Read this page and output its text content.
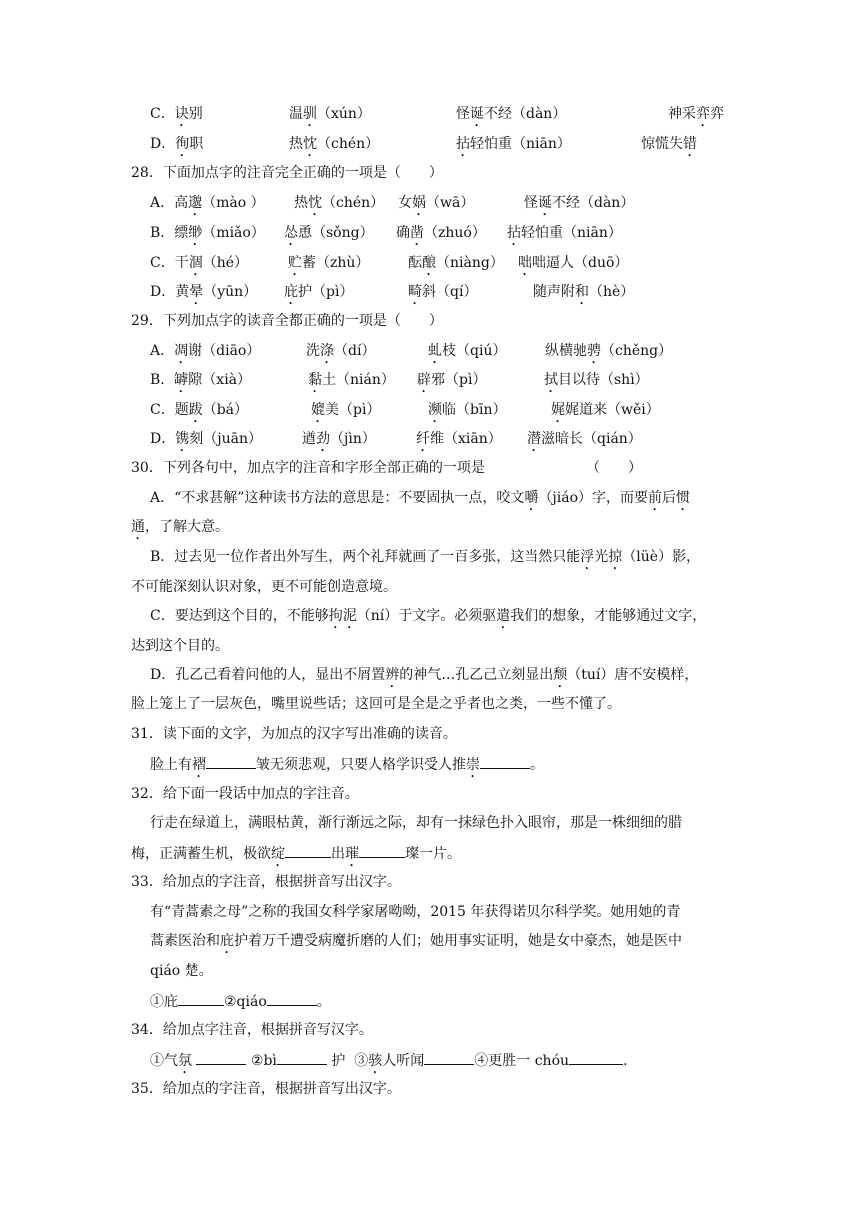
C．诀别	温驯（xún）	怪诞不经（dàn）	神采弈弈
D．徇职	热忱（chén）	拈轻怕重（niān）	惊慌失错
28．下面加点字的注音完全正确的一项是（　　）
A．高邈（mào ） 热忱（chén） 女娲（wā）	怪诞不经（dàn）
B．缥缈（miǎo） 怂恿（sǒng） 确凿（zhuó） 拈轻怕重（niān）
C．干涸（hé）	贮蓄（zhù）	酝酿（niàng） 咄咄逼人（duō）
D．黄晕（yūn） 庇护（pì）	畸斜（qí）	随声附和（hè）
29．下列加点字的读音全都正确的一项是（　　）
A．凋谢（diāo）	洗涤（dí）	虬枝（qiú）	纵横驰骋（chěng）
B．罅隙（xià）	黏土（nián） 辟邪（pì）	拭目以待（shì）
C．题跋（bá）	媲美（pì）	濒临（bīn）	娓娓道来（wěi）
D．镌刻（juān）	遒劲（jìn）	纤维（xiān） 潜滋暗长（qián）
30．下列各句中，加点字的注音和字形全部正确的一项是	（　　）
A．“不求甚解”这种读书方法的意思是：不要固执一点，咬文嚼（jiáo）字，而要前后惯
通，了解大意。
B．过去见一位作者出外写生，两个礼拜就画了一百多张，这当然只能浮光掠（lüè）影，
不可能深刻认识对象，更不可能创造意境。
C．要达到这个目的，不能够拘泥（ní）于文字。必须驱遣我们的想象，才能够通过文字，
达到这个目的。
D．孔乙己看着问他的人，显出不屑置辨的神气…孔乙己立刻显出颓（tuí）唐不安模样，
脸上笼上了一层灰色，嘴里说些话；这回可是全是之乎者也之类，一些不懂了。
31．读下面的文字，为加点的汉字写出准确的读音。
脸上有褶	皱无须悲观，只要人格学识受人推崇	。
32．给下面一段话中加点的字注音。
行走在绿道上，满眼枯黄，渐行渐远之际，却有一抹绿色扑入眼帘，那是一株细细的腊
梅，正满蓄生机，极欲绽	出璀	璨一片。
33．给加点的字注音，根据拼音写出汉字。
有“青蒿素之母”之称的我国女科学家屠呦呦，2015 年获得诺贝尔科学奖。她用她的青
蒿素医治和庇护着万千遭受病魔折磨的人们；她用事实证明，她是女中豪杰，她是医中
qiáo 楚。
①庇	②qiáo	。
34．给加点字注音，根据拼音写汉字。
①气氛	②bì	护  ③骇人听闻	④更胜一 chóu	.
35．给加点的字注音，根据拼音写出汉字。
